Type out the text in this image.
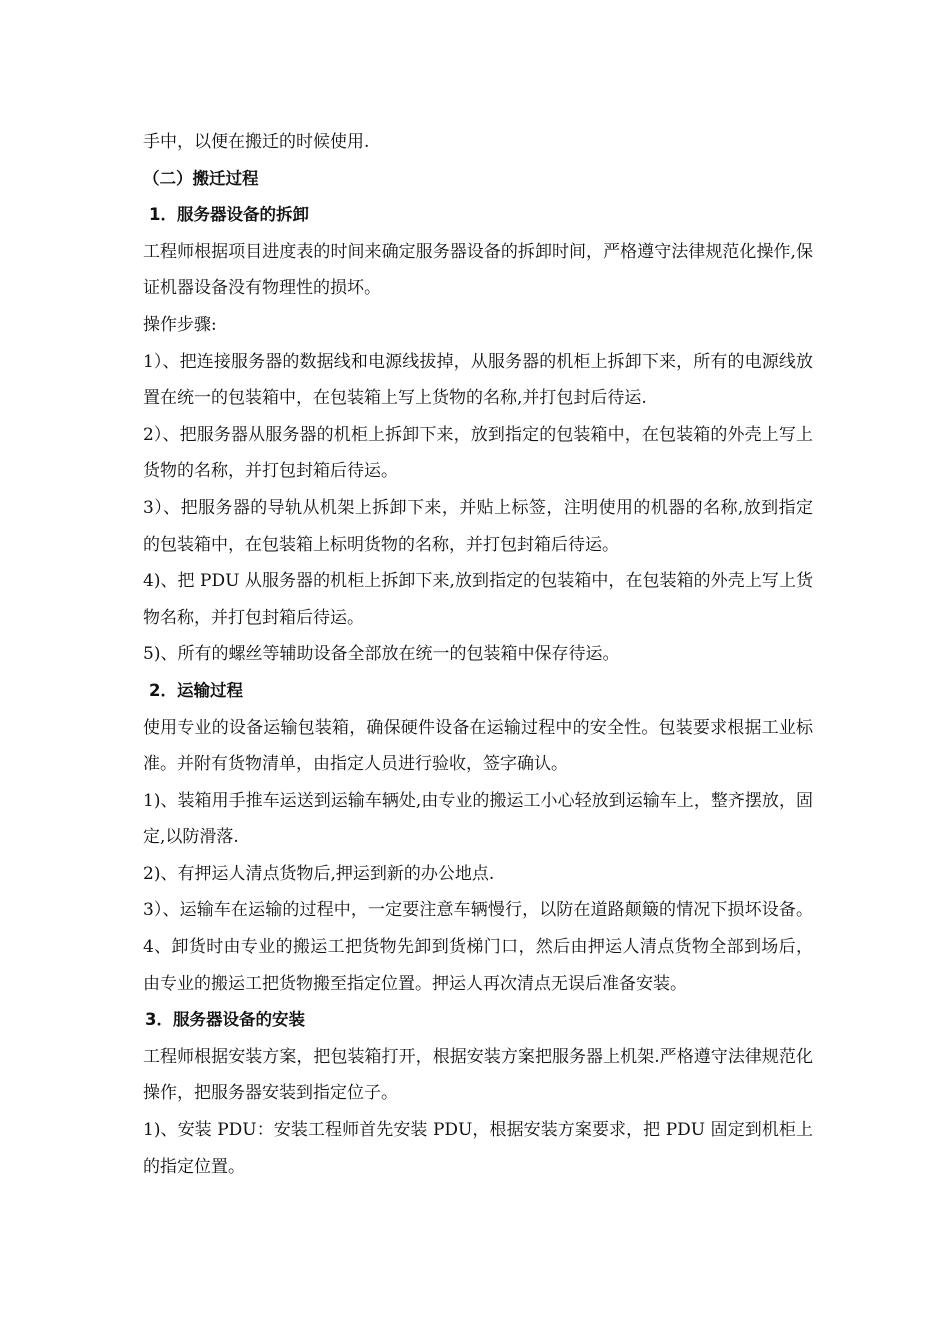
手中，以便在搬迁的时候使用.

（二）搬迁过程

1．服务器设备的拆卸

工程师根据项目进度表的时间来确定服务器设备的拆卸时间，严格遵守法律规范化操作,保证机器设备没有物理性的损坏。

操作步骤:

1）、把连接服务器的数据线和电源线拔掉，从服务器的机柜上拆卸下来，所有的电源线放置在统一的包装箱中，在包装箱上写上货物的名称,并打包封后待运.

2）、把服务器从服务器的机柜上拆卸下来，放到指定的包装箱中，在包装箱的外壳上写上货物的名称，并打包封箱后待运。

3）、把服务器的导轨从机架上拆卸下来，并贴上标签，注明使用的机器的名称,放到指定的包装箱中，在包装箱上标明货物的名称，并打包封箱后待运。

4)、把 PDU 从服务器的机柜上拆卸下来,放到指定的包装箱中，在包装箱的外壳上写上货物名称，并打包封箱后待运。

5)、所有的螺丝等辅助设备全部放在统一的包装箱中保存待运。

2．运输过程

使用专业的设备运输包装箱，确保硬件设备在运输过程中的安全性。包装要求根据工业标准。并附有货物清单，由指定人员进行验收，签字确认。

1)、装箱用手推车运送到运输车辆处,由专业的搬运工小心轻放到运输车上，整齐摆放，固定,以防滑落.

2)、有押运人清点货物后,押运到新的办公地点.

3）、运输车在运输的过程中，一定要注意车辆慢行，以防在道路颠簸的情况下损坏设备。 4、卸货时由专业的搬运工把货物先卸到货梯门口，然后由押运人清点货物全部到场后，由专业的搬运工把货物搬至指定位置。押运人再次清点无误后准备安装。

3．服务器设备的安装

工程师根据安装方案，把包装箱打开，根据安装方案把服务器上机架.严格遵守法律规范化操作，把服务器安装到指定位子。

1)、安装 PDU：安装工程师首先安装 PDU，根据安装方案要求，把 PDU 固定到机柜上的指定位置。
